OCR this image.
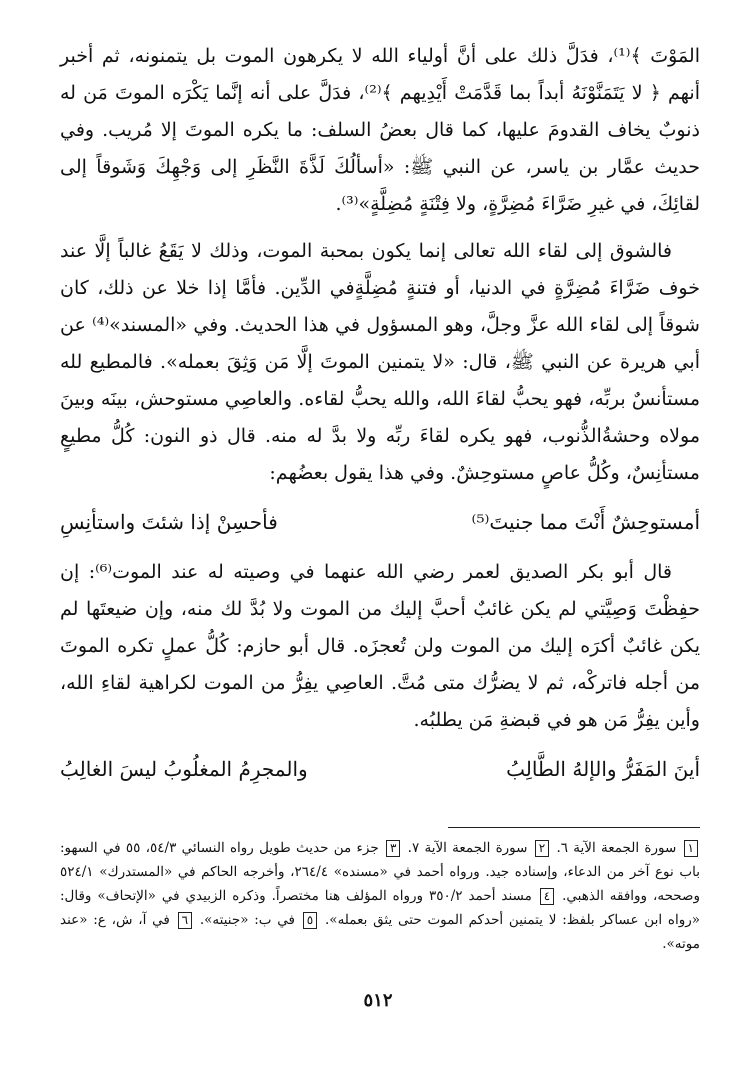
المَوْتَ ﴾⁽¹⁾، فدَلَّ ذلك على أنَّ أولياء الله لا يكرهون الموت بل يتمنونه، ثم أخبر أنهم ﴿ لا يَتَمَنَّوْنَهُ أبداً بما قَدَّمَتْ أَيْدِيهم ﴾⁽²⁾، فدَلَّ على أنه إنَّما يَكْرَه الموتَ مَن له ذنوبٌ يخاف القدومَ عليها، كما قال بعضُ السلف: ما يكره الموتَ إلا مُريب. وفي حديث عمَّار بن ياسر، عن النبي ﷺ: «أسألُكَ لَذَّةَ النَّظَرِ إلى وَجْهِكَ وَشَوقاً إلى لقائِكَ، في غيرِ ضَرَّاءَ مُضِرَّةٍ، ولا فِتْنَةٍ مُضِلَّةٍ»⁽³⁾.

فالشوق إلى لقاء الله تعالى إنما يكون بمحبة الموت، وذلك لا يَقَعُ غالباً إلَّا عند خوف ضَرَّاءَ مُضِرَّةٍ في الدنيا، أو فتنةٍ مُضِلَّةٍفي الدِّين. فأمَّا إذا خلا عن ذلك، كان شوقاً إلى لقاء الله عزَّ وجلَّ، وهو المسؤول في هذا الحديث. وفي «المسند»⁽⁴⁾ عن أبي هريرة عن النبي ﷺ، قال: «لا يتمنين الموتَ إلَّا مَن وَثِقَ بعمله». فالمطيع لله مستأنسٌ بربِّه، فهو يحبُّ لقاءَ الله، والله يحبُّ لقاءه. والعاصِي مستوحش، بينَه وبينَ مولاه وحشةُالذُّنوب، فهو يكره لقاءَ ربِّه ولا بدَّ له منه. قال ذو النون: كُلُّ مطيعٍ مستأنِسٌ، وكُلُّ عاصٍ مستوحِشٌ. وفي هذا يقول بعضُهم:

أمستوحِشٌ أَنْتَ مما جنيتَ⁽⁵⁾
فأحسِنْ إذا شئتَ واستأنِسِ

قال أبو بكر الصديق لعمر رضي الله عنهما في وصيته له عند الموت⁽⁶⁾: إن حفِظْتَ وَصِيَّتي لم يكن غائبٌ أحبَّ إليك من الموت ولا بُدَّ لك منه، وإن ضيعتَها لم يكن غائبٌ أكرَه إليك من الموت ولن تُعجزَه. قال أبو حازم: كُلُّ عملٍ تكره الموتَ من أجله فاتركْه، ثم لا يضرُّك متى مُتَّ. العاصِي يفِرُّ من الموت لكراهية لقاءِ الله، وأين يفِرُّ مَن هو في قبضةِ مَن يطلبُه.

أينَ المَفَرُّ والإلهُ الطَّالِبُ
والمجرِمُ المغلُوبُ ليسَ الغالِبُ
١ سورة الجمعة الآية ٦. ٢ سورة الجمعة الآية ٧. ٣ جزء من حديث طويل رواه النسائي ٥٤/٣، ٥٥ في السهو: باب نوع آخر من الدعاء، وإسناده جيد. ورواه أحمد في «مسنده» ٢٦٤/٤، وأخرجه الحاكم في «المستدرك» ٥٢٤/١ وصححه، ووافقه الذهبي. ٤ مسند أحمد ٣٥٠/٢ ورواه المؤلف هنا مختصراً. وذكره الزبيدي في «الإتحاف» وقال: «رواه ابن عساكر بلفظ: لا يتمنين أحدكم الموت حتى يثق بعمله». ٥ في ب: «جنيته». ٦ في آ، ش، ع: «عند موته».
٥١٢
